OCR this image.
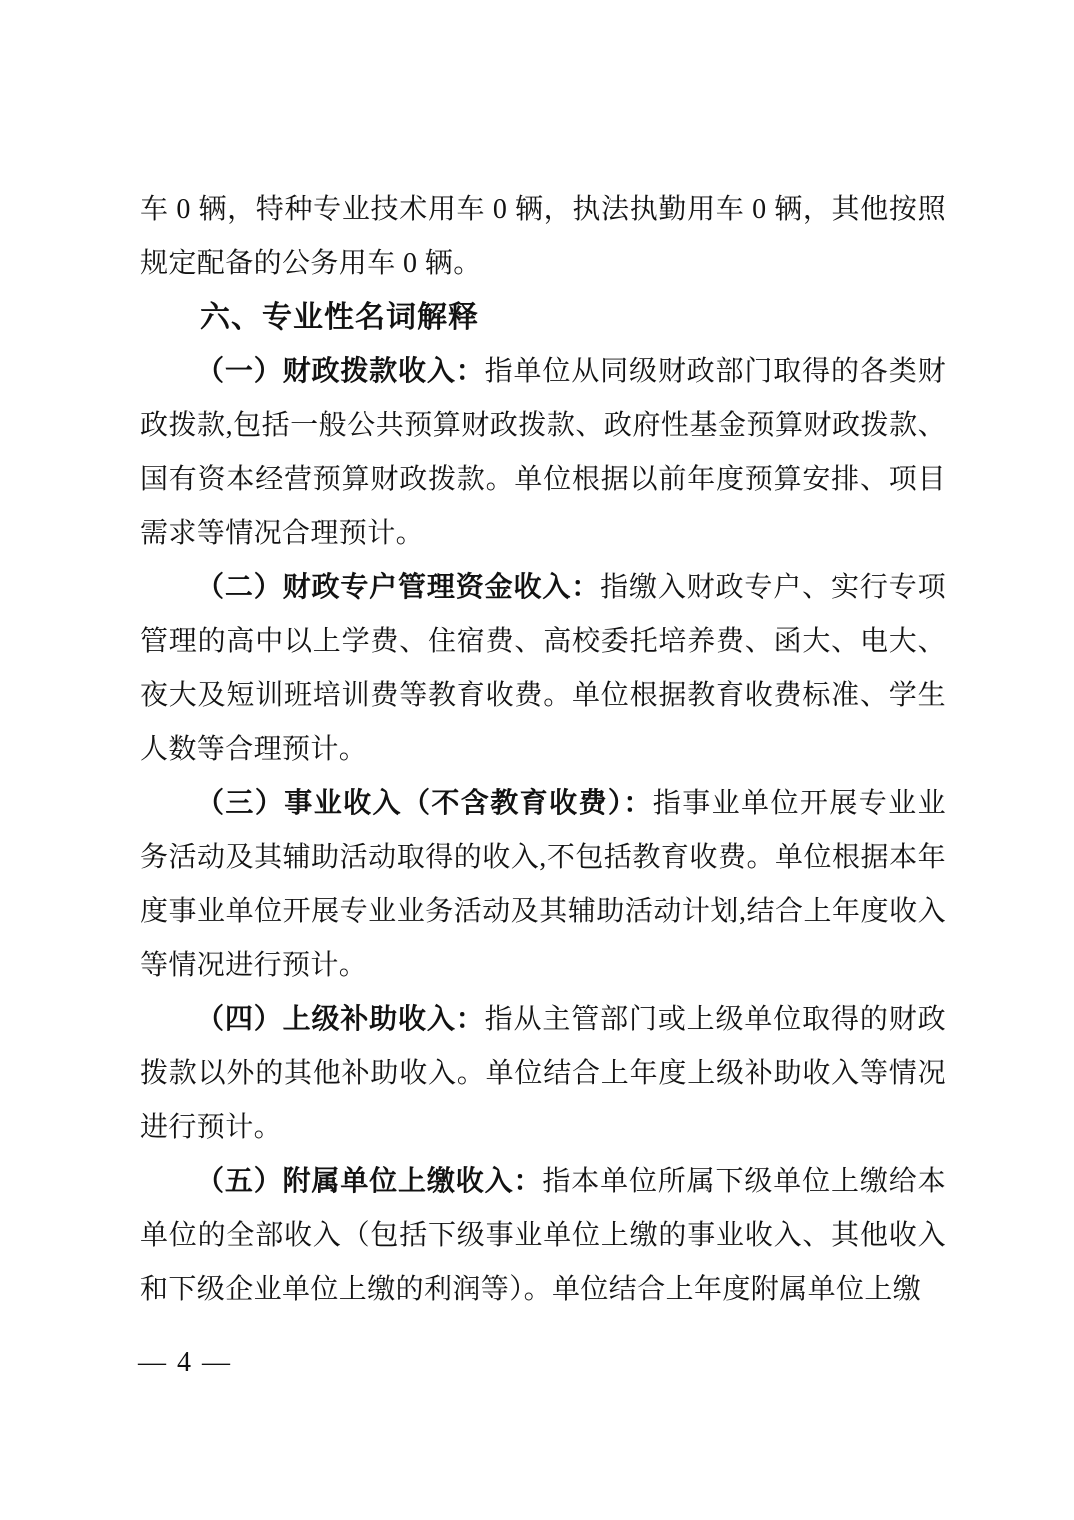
车 0 辆，特种专业技术用车 0 辆，执法执勤用车 0 辆，其他按照规定配备的公务用车 0 辆。

六、专业性名词解释

（一）财政拨款收入：指单位从同级财政部门取得的各类财政拨款,包括一般公共预算财政拨款、政府性基金预算财政拨款、国有资本经营预算财政拨款。单位根据以前年度预算安排、项目需求等情况合理预计。

（二）财政专户管理资金收入：指缴入财政专户、实行专项管理的高中以上学费、住宿费、高校委托培养费、函大、电大、夜大及短训班培训费等教育收费。单位根据教育收费标准、学生人数等合理预计。

（三）事业收入（不含教育收费）：指事业单位开展专业业务活动及其辅助活动取得的收入,不包括教育收费。单位根据本年度事业单位开展专业业务活动及其辅助活动计划,结合上年度收入等情况进行预计。

（四）上级补助收入：指从主管部门或上级单位取得的财政拨款以外的其他补助收入。单位结合上年度上级补助收入等情况进行预计。

（五）附属单位上缴收入：指本单位所属下级单位上缴给本单位的全部收入（包括下级事业单位上缴的事业收入、其他收入和下级企业单位上缴的利润等）。单位结合上年度附属单位上缴

— 4 —
